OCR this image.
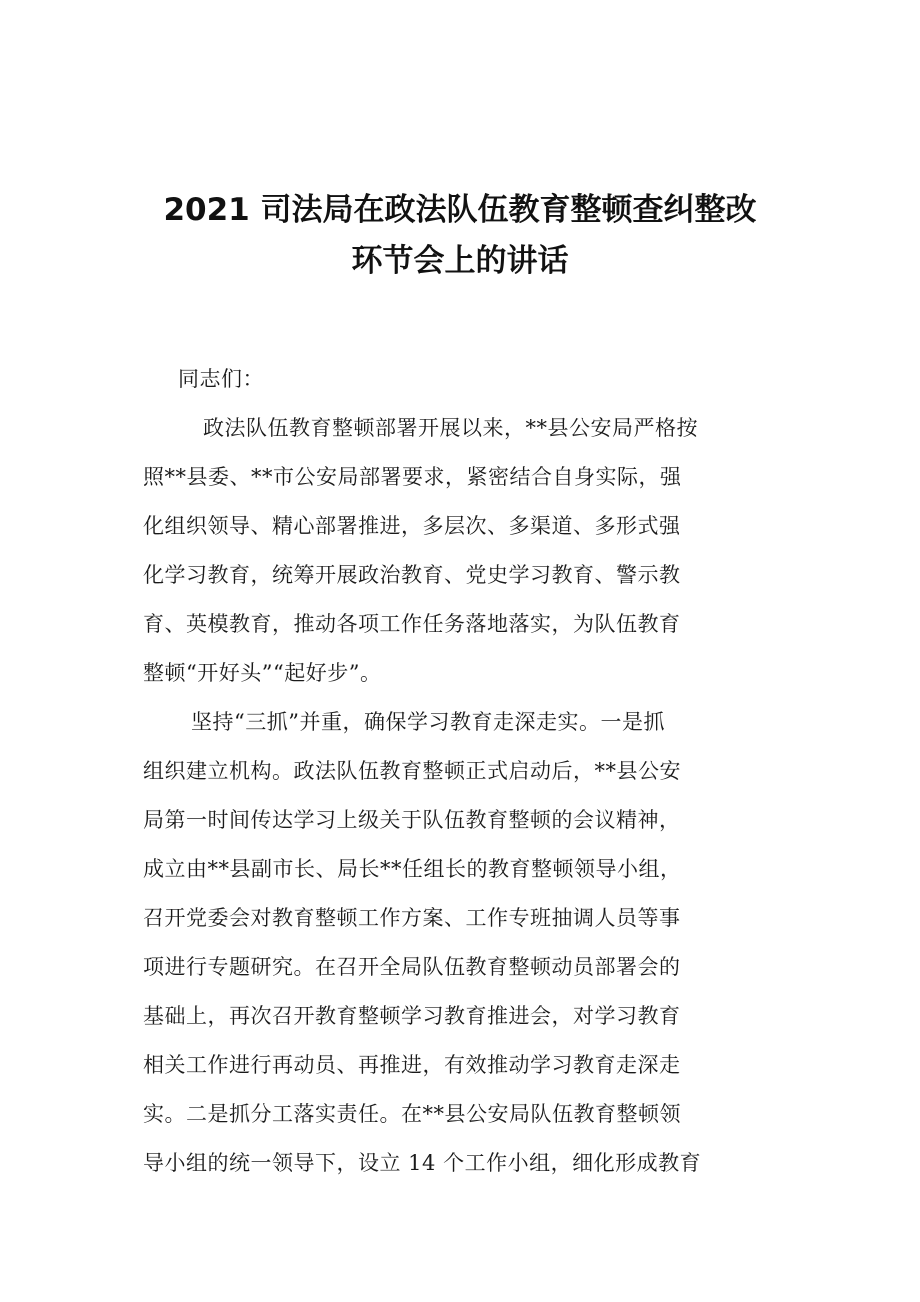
2021 司法局在政法队伍教育整顿查纠整改
环节会上的讲话

同志们：

政法队伍教育整顿部署开展以来，**县公安局严格按

照**县委、**市公安局部署要求，紧密结合自身实际，强

化组织领导、精心部署推进，多层次、多渠道、多形式强

化学习教育，统筹开展政治教育、党史学习教育、警示教

育、英模教育，推动各项工作任务落地落实，为队伍教育

整顿“开好头”“起好步”。

坚持“三抓”并重，确保学习教育走深走实。一是抓

组织建立机构。政法队伍教育整顿正式启动后，**县公安

局第一时间传达学习上级关于队伍教育整顿的会议精神，

成立由**县副市长、局长**任组长的教育整顿领导小组，

召开党委会对教育整顿工作方案、工作专班抽调人员等事

项进行专题研究。在召开全局队伍教育整顿动员部署会的

基础上，再次召开教育整顿学习教育推进会，对学习教育

相关工作进行再动员、再推进，有效推动学习教育走深走

实。二是抓分工落实责任。在**县公安局队伍教育整顿领

导小组的统一领导下，设立 14 个工作小组，细化形成教育
